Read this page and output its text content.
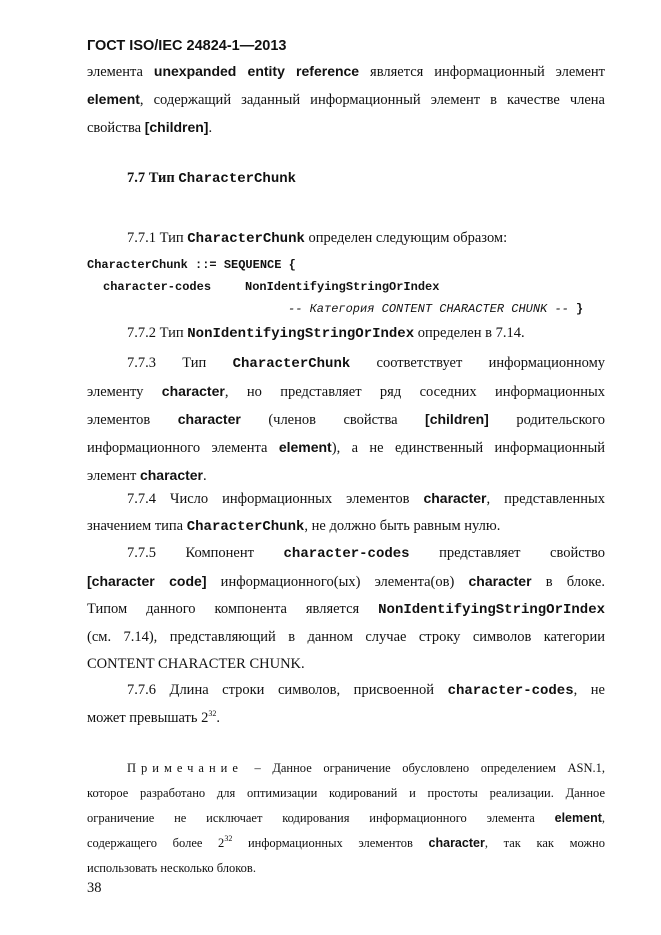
ГОСТ ISO/IEC 24824-1—2013
элемента unexpanded entity reference является информационный элемент
element, содержащий заданный информационный элемент в качестве члена
свойства [children].
7.7 Тип CharacterChunk
7.7.1 Тип CharacterChunk определен следующим образом:
CharacterChunk ::= SEQUENCE {
character-codes	NonIdentifyingStringOrIndex
-- Категория CONTENT CHARACTER CHUNK -- }
7.7.2 Тип NonIdentifyingStringOrIndex определен в 7.14.
7.7.3 Тип CharacterChunk соответствует информационному
элементу character, но представляет ряд соседних информационных
элементов character (членов свойства [children] родительского
информационного элемента element), а не единственный информационный
элемент character.
7.7.4 Число информационных элементов character, представленных
значением типа CharacterChunk, не должно быть равным нулю.
7.7.5 Компонент character-codes представляет свойство
[character code] информационного(ых) элемента(ов) character в блоке.
Типом данного компонента является NonIdentifyingStringOrIndex
(см. 7.14), представляющий в данном случае строку символов категории
CONTENT CHARACTER CHUNK.
7.7.6 Длина строки символов, присвоенной character-codes, не
может превышать $2^{32}$.
Примечание – Данное ограничение обусловлено определением ASN.1,
которое разработано для оптимизации кодирований и простоты реализации. Данное
ограничение не исключает кодирования информационного элемента element,
содержащего более $2^{32}$ информационных элементов character, так как можно
использовать несколько блоков.
38
